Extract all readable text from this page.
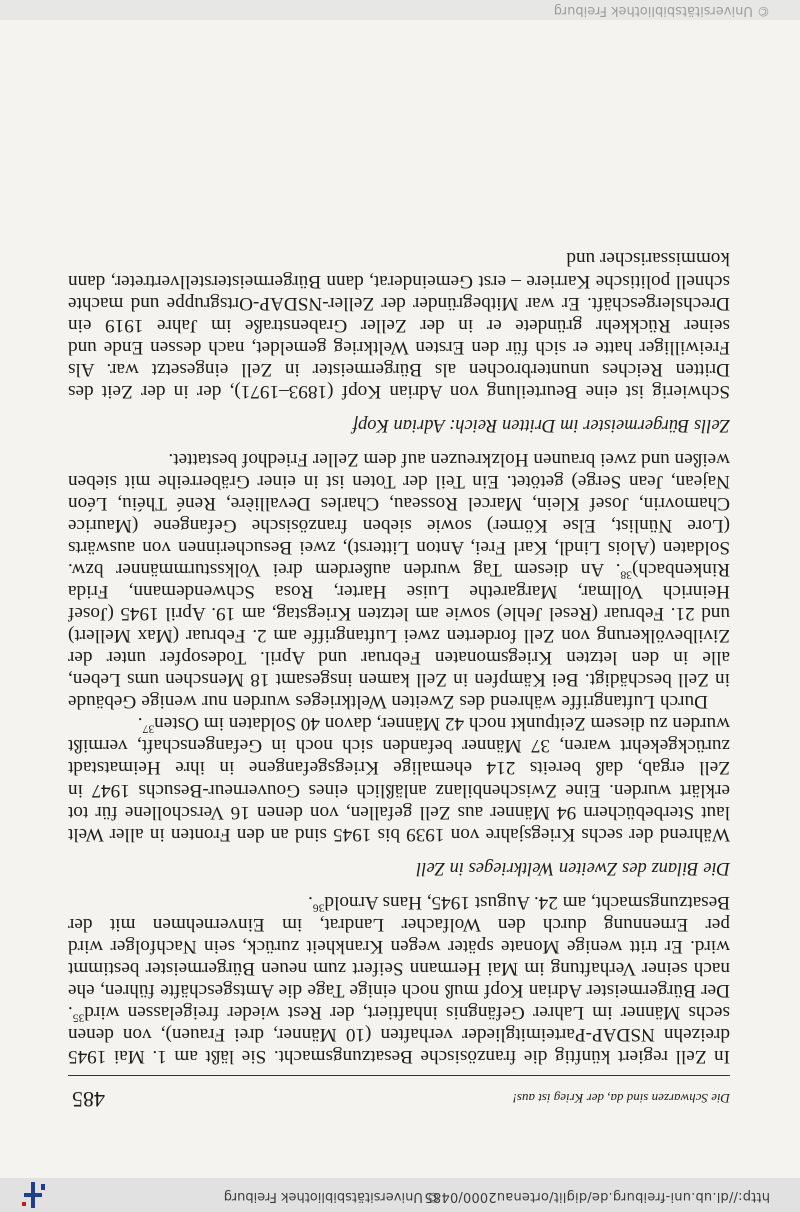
http://dl.ub.uni-freiburg.de/diglit/ortenau2000/0485
© Universitätsbibliothek Freiburg
Die Schwarzen sind da, der Krieg ist aus!
485

In Zell regiert künftig die französische Besatzungsmacht. Sie läßt am 1. Mai 1945 dreizehn NSDAP-Parteimitglieder verhaften (10 Männer, drei Frauen), von denen sechs Männer im Lahrer Gefängnis inhaftiert, der Rest wieder freigelassen wird$^{35}$. Der Bürgermeister Adrian Kopf muß noch einige Tage die Amtsgeschäfte führen, ehe nach seiner Verhaftung im Mai Hermann Seifert zum neuen Bürgermeister bestimmt wird. Er tritt wenige Monate später wegen Krankheit zurück, sein Nachfolger wird per Ernennung durch den Wolfacher Landrat, im Einvernehmen mit der Besatzungsmacht, am 24. August 1945, Hans Arnold$^{36}$.

Die Bilanz des Zweiten Weltkrieges in Zell

Während der sechs Kriegsjahre von 1939 bis 1945 sind an den Fronten in aller Welt laut Sterbebüchern 94 Männer aus Zell gefallen, von denen 16 Verschollene für tot erklärt wurden. Eine Zwischenbilanz anläßlich eines Gouverneur-Besuchs 1947 in Zell ergab, daß bereits 214 ehemalige Kriegsgefangene in ihre Heimatstadt zurückgekehrt waren, 37 Männer befanden sich noch in Gefangenschaft, vermißt wurden zu diesem Zeitpunkt noch 42 Männer, davon 40 Soldaten im Osten$^{37}$.

Durch Luftangriffe während des Zweiten Weltkrieges wurden nur wenige Gebäude in Zell beschädigt. Bei Kämpfen in Zell kamen insgesamt 18 Menschen ums Leben, alle in den letzten Kriegsmonaten Februar und April. Todesopfer unter der Zivilbevölkerung von Zell forderten zwei Luftangriffe am 2. Februar (Max Mellert) und 21. Februar (Resel Jehle) sowie am letzten Kriegstag, am 19. April 1945 (Josef Heinrich Vollmar, Margarethe Luise Harter, Rosa Schwendemann, Frida Rinkenbach)$^{38}$. An diesem Tag wurden außerdem drei Volkssturmmänner bzw. Soldaten (Alois Lindl, Karl Frei, Anton Litterst), zwei Besucherinnen von auswärts (Lore Nünlist, Else Körner) sowie sieben französische Gefangene (Maurice Chamovrin, Josef Klein, Marcel Rosseau, Charles Devallière, René Théiu, Léon Najean, Jean Serge) getötet. Ein Teil der Toten ist in einer Gräberreihe mit sieben weißen und zwei braunen Holzkreuzen auf dem Zeller Friedhof bestattet.

Zells Bürgermeister im Dritten Reich: Adrian Kopf

Schwierig ist eine Beurteilung von Adrian Kopf (1893–1971), der in der Zeit des Dritten Reiches ununterbrochen als Bürgermeister in Zell eingesetzt war. Als Freiwilliger hatte er sich für den Ersten Weltkrieg gemeldet, nach dessen Ende und seiner Rückkehr gründete er in der Zeller Grabenstraße im Jahre 1919 ein Drechslergeschäft. Er war Mitbegründer der Zeller-NSDAP-Ortsgruppe und machte schnell politische Karriere – erst Gemeinderat, dann Bürgermeisterstellvertreter, dann kommissarischer und

© Universitätsbibliothek Freiburg
